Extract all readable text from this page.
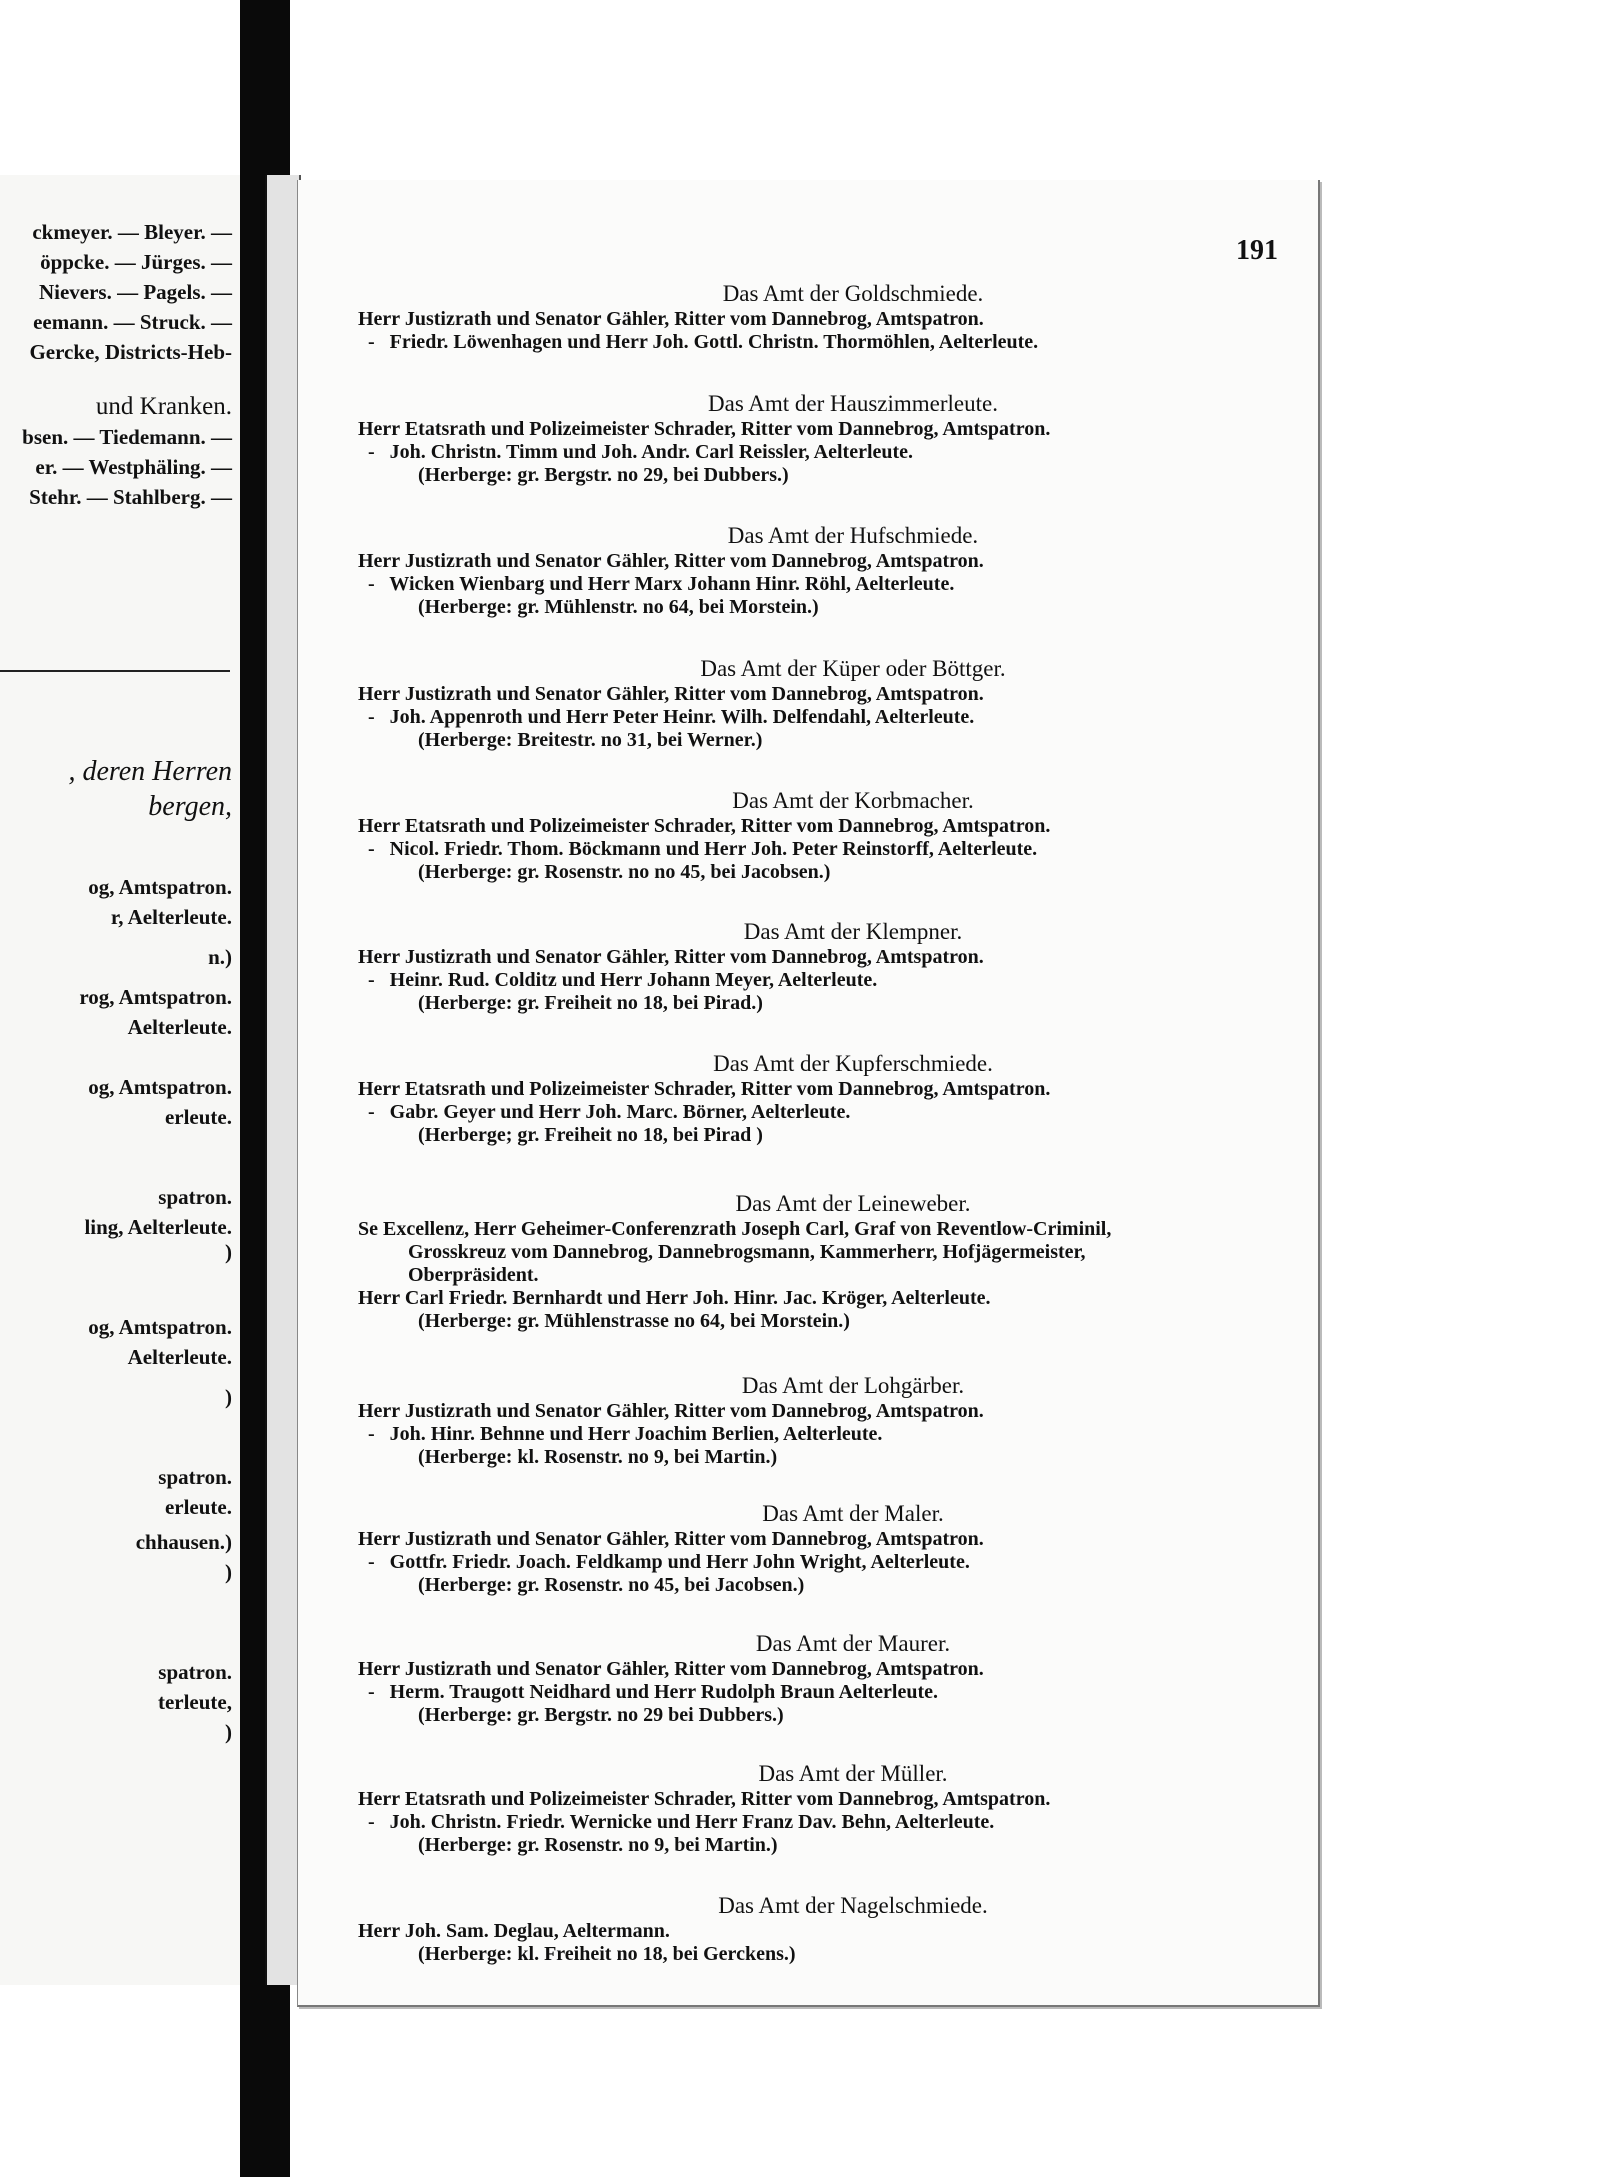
ckmeyer. — Bleyer. —
öppcke. — Jürges. —
Nievers. — Pagels. —
eemann. — Struck. —
Gercke, Districts-Heb-
und Kranken.
bsen. — Tiedemann. —
er. — Westphäling. —
Stehr. — Stahlberg. —
, deren Herren
bergen,
og, Amtspatron.
r, Aelterleute.
n.)
rog, Amtspatron.
Aelterleute.
og, Amtspatron.
erleute.
spatron.
ling, Aelterleute.
)
og, Amtspatron.
Aelterleute.
)
spatron.
erleute.
chhausen.)
)
spatron.
terleute,
)
191
Das Amt der Goldschmiede.
Herr Justizrath und Senator Gähler, Ritter vom Dannebrog, Amtspatron.
-   Friedr. Löwenhagen und Herr Joh. Gottl. Christn. Thormöhlen, Aelterleute.
Das Amt der Hauszimmerleute.
Herr Etatsrath und Polizeimeister Schrader, Ritter vom Dannebrog, Amtspatron.
-   Joh. Christn. Timm und Joh. Andr. Carl Reissler, Aelterleute.
(Herberge: gr. Bergstr. no 29, bei Dubbers.)
Das Amt der Hufschmiede.
Herr Justizrath und Senator Gähler, Ritter vom Dannebrog, Amtspatron.
-   Wicken Wienbarg und Herr Marx Johann Hinr. Röhl, Aelterleute.
(Herberge: gr. Mühlenstr. no 64, bei Morstein.)
Das Amt der Küper oder Böttger.
Herr Justizrath und Senator Gähler, Ritter vom Dannebrog, Amtspatron.
-   Joh. Appenroth und Herr Peter Heinr. Wilh. Delfendahl, Aelterleute.
(Herberge: Breitestr. no 31, bei Werner.)
Das Amt der Korbmacher.
Herr Etatsrath und Polizeimeister Schrader, Ritter vom Dannebrog, Amtspatron.
-   Nicol. Friedr. Thom. Böckmann und Herr Joh. Peter Reinstorff, Aelterleute.
(Herberge: gr. Rosenstr. no no 45, bei Jacobsen.)
Das Amt der Klempner.
Herr Justizrath und Senator Gähler, Ritter vom Dannebrog, Amtspatron.
-   Heinr. Rud. Colditz und Herr Johann Meyer, Aelterleute.
(Herberge: gr. Freiheit no 18, bei Pirad.)
Das Amt der Kupferschmiede.
Herr Etatsrath und Polizeimeister Schrader, Ritter vom Dannebrog, Amtspatron.
-   Gabr. Geyer und Herr Joh. Marc. Börner, Aelterleute.
(Herberge; gr. Freiheit no 18, bei Pirad )
Das Amt der Leineweber.
Se Excellenz, Herr Geheimer-Conferenzrath Joseph Carl, Graf von Reventlow-Criminil,
Grosskreuz vom Dannebrog, Dannebrogsmann, Kammerherr, Hofjägermeister,
Oberpräsident.
Herr Carl Friedr. Bernhardt und Herr Joh. Hinr. Jac. Kröger, Aelterleute.
(Herberge: gr. Mühlenstrasse no 64, bei Morstein.)
Das Amt der Lohgärber.
Herr Justizrath und Senator Gähler, Ritter vom Dannebrog, Amtspatron.
-   Joh. Hinr. Behnne und Herr Joachim Berlien, Aelterleute.
(Herberge: kl. Rosenstr. no 9, bei Martin.)
Das Amt der Maler.
Herr Justizrath und Senator Gähler, Ritter vom Dannebrog, Amtspatron.
-   Gottfr. Friedr. Joach. Feldkamp und Herr John Wright, Aelterleute.
(Herberge: gr. Rosenstr. no 45, bei Jacobsen.)
Das Amt der Maurer.
Herr Justizrath und Senator Gähler, Ritter vom Dannebrog, Amtspatron.
-   Herm. Traugott Neidhard und Herr Rudolph Braun Aelterleute.
(Herberge: gr. Bergstr. no 29 bei Dubbers.)
Das Amt der Müller.
Herr Etatsrath und Polizeimeister Schrader, Ritter vom Dannebrog, Amtspatron.
-   Joh. Christn. Friedr. Wernicke und Herr Franz Dav. Behn, Aelterleute.
(Herberge: gr. Rosenstr. no 9, bei Martin.)
Das Amt der Nagelschmiede.
Herr Joh. Sam. Deglau, Aeltermann.
(Herberge: kl. Freiheit no 18, bei Gerckens.)
